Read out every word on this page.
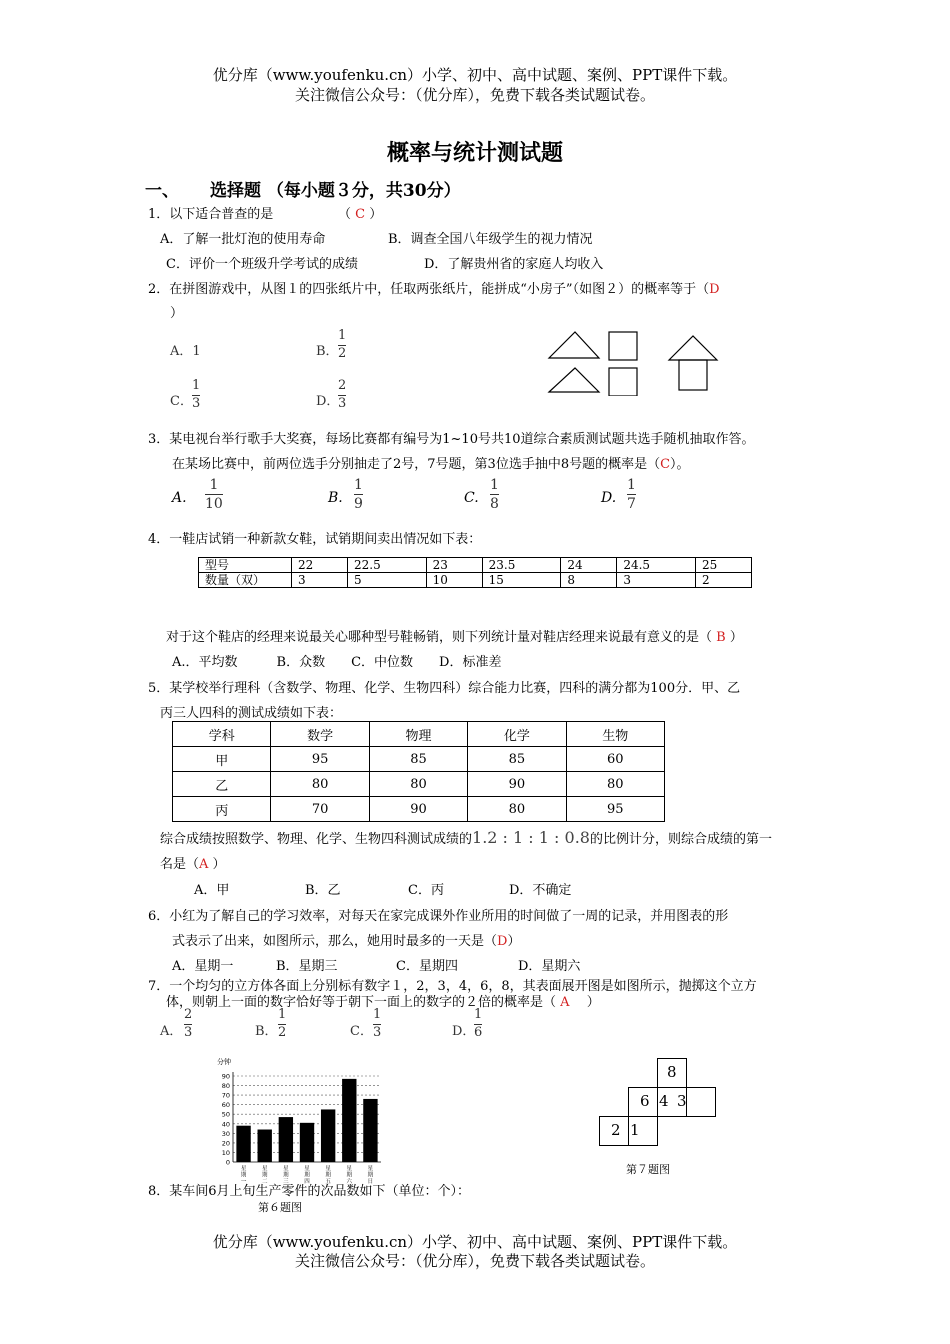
优分库（www.youfenku.cn）小学、初中、高中试题、案例、PPT课件下载。
关注微信公众号：（优分库），免费下载各类试题试卷。
概率与统计测试题
一、 选择题 （每小题３分，共30分）
1．以下适合普查的是	（ C ）
A．了解一批灯泡的使用寿命	B．调查全国八年级学生的视力情况
C．评价一个班级升学考试的成绩	D．了解贵州省的家庭人均收入
2．在拼图游戏中，从图１的四张纸片中，任取两张纸片，能拼成“小房子”（如图２）的概率等于（D
）
A．1	B．
1
2
C．
1
3	D．
2
3
3．某电视台举行歌手大奖赛，每场比赛都有编号为1~10号共10道综合素质测试题共选手随机抽取作答。
在某场比赛中，前两位选手分别抽走了2号，7号题，第3位选手抽中8号题的概率是（C）。
A.
1
10	B.
1
9	C.
1
8	D.
1
7
4．一鞋店试销一种新款女鞋，试销期间卖出情况如下表：
型号	22	22.5	23	23.5	24	24.5	25
数量（双）	3	5	10	15	8	3	2
对于这个鞋店的经理来说最关心哪种型号鞋畅销，则下列统计量对鞋店经理来说最有意义的是（ B ）
A.．平均数　　　B．众数　　C．中位数　　D．标准差
5．某学校举行理科（含数学、物理、化学、生物四科）综合能力比赛，四科的满分都为100分．甲、乙
丙三人四科的测试成绩如下表：
学科	数学	物理	化学	生物
甲	95	85	85	60
乙	80	80	90	80
丙	70	90	80	95
综合成绩按照数学、物理、化学、生物四科测试成绩的1.2 : 1 : 1 : 0.8的比例计分，则综合成绩的第一
名是（A ）
A．甲	B．乙	C．丙	D．不确定
6．小红为了解自己的学习效率，对每天在家完成课外作业所用的时间做了一周的记录，并用图表的形
式表示了出来，如图所示，那么，她用时最多的一天是（D）
A．星期一	B．星期三	C．星期四	D．星期六
7．一个均匀的立方体各面上分别标有数字１，2，3，4，6，8，其表面展开图是如图所示，抛掷这个立方
体，则朝上一面的数字恰好等于朝下一面上的数字的２倍的概率是（ A　 ）
A．
2
3	B．
1
2	C．
1
3	D．
1
6
分钟
0
10
20
30
40
50
60
70
80
90
星期一
星期二
星期三
星期四
星期五
星期六
星期日
第６题图
8
6 4 3
2 1
第７题图
8．某车间6月上旬生产零件的次品数如下（单位：个）：
优分库（www.youfenku.cn）小学、初中、高中试题、案例、PPT课件下载。
关注微信公众号：（优分库），免费下载各类试题试卷。
